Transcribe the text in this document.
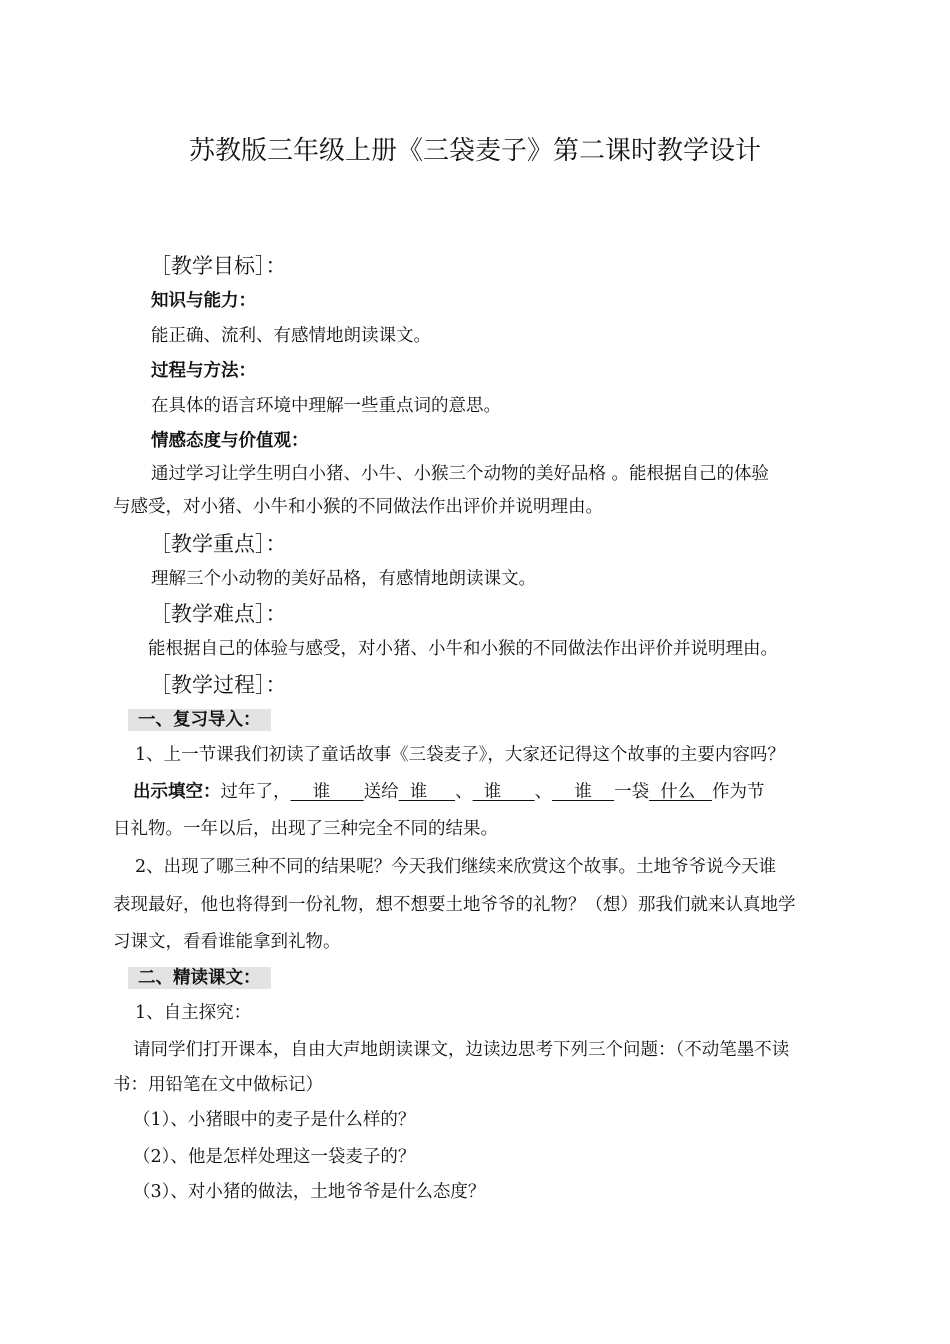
苏教版三年级上册《三袋麦子》第二课时教学设计
［教学目标］：
知识与能力：
能正确、流利、有感情地朗读课文。
过程与方法：
在具体的语言环境中理解一些重点词的意思。
情感态度与价值观：
通过学习让学生明白小猪、小牛、小猴三个动物的美好品格 。能根据自己的体验
与感受，对小猪、小牛和小猴的不同做法作出评价并说明理由。
［教学重点］：
理解三个小动物的美好品格，有感情地朗读课文。
［教学难点］：
能根据自己的体验与感受，对小猪、小牛和小猴的不同做法作出评价并说明理由。
［教学过程］：
一、复习导入：
1、上一节课我们初读了童话故事《三袋麦子》，大家还记得这个故事的主要内容吗？
出示填空：过年了，    谁      送给  谁     、  谁      、    谁    一袋  什么   作为节
日礼物。一年以后，出现了三种完全不同的结果。
2、出现了哪三种不同的结果呢？今天我们继续来欣赏这个故事。土地爷爷说今天谁
表现最好，他也将得到一份礼物，想不想要土地爷爷的礼物？（想）那我们就来认真地学
习课文，看看谁能拿到礼物。
二、精读课文：
1、自主探究：
请同学们打开课本，自由大声地朗读课文，边读边思考下列三个问题：（不动笔墨不读
书：用铅笔在文中做标记）
（1）、小猪眼中的麦子是什么样的？
（2）、他是怎样处理这一袋麦子的？
（3）、对小猪的做法，土地爷爷是什么态度？
